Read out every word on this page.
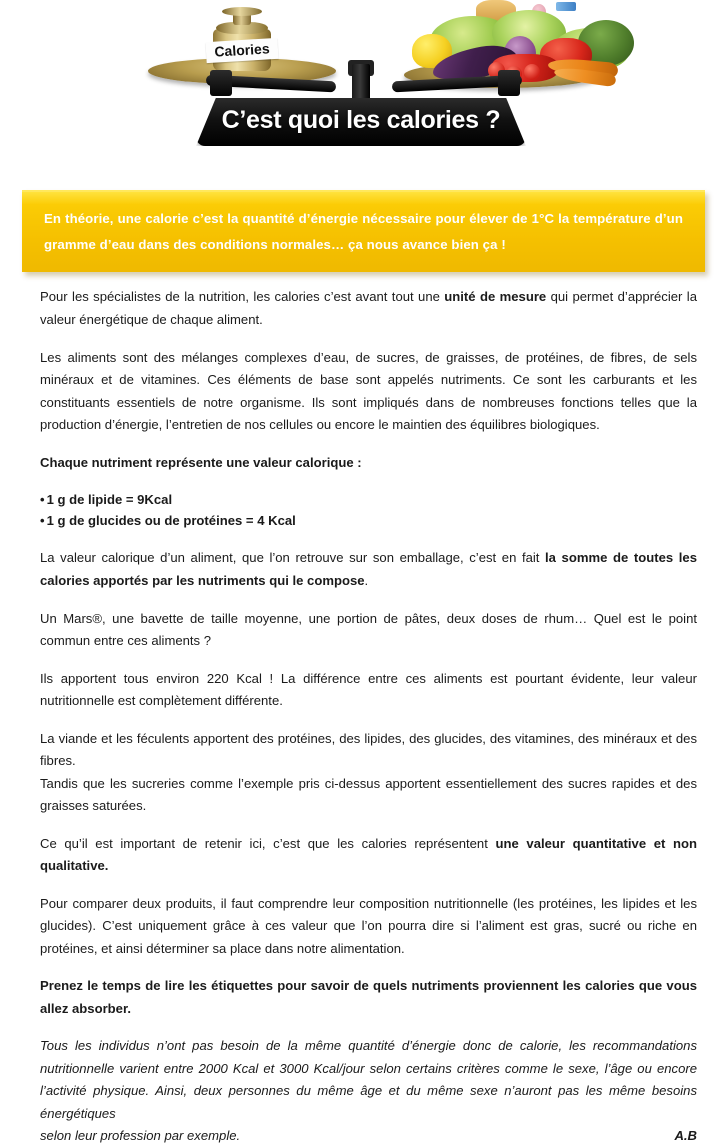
Calories
C’est quoi les calories ?
En théorie, une calorie c’est la quantité d’énergie nécessaire pour élever de 1°C la température d’un gramme d’eau dans des conditions normales… ça nous avance bien ça !

Pour les spécialistes de la nutrition, les calories c’est avant tout une unité de mesure qui permet d’apprécier la valeur énergétique de chaque aliment.

Les aliments sont des mélanges complexes d’eau, de sucres, de graisses, de protéines, de fibres, de sels minéraux et de vitamines. Ces éléments de base sont appelés nutriments. Ce sont les carburants et les constituants essentiels de notre organisme. Ils sont impliqués dans de nombreuses fonctions telles que la production d’énergie, l’entretien de nos cellules ou encore le maintien des équilibres biologiques.

Chaque nutriment représente une valeur calorique :

• 1 g de lipide = 9Kcal
• 1 g de glucides ou de protéines = 4 Kcal

La valeur calorique d’un aliment, que l’on retrouve sur son emballage, c’est en fait la somme de toutes les calories apportés par les nutriments qui le compose.

Un Mars®, une bavette de taille moyenne, une portion de pâtes, deux doses de rhum… Quel est le point commun entre ces aliments ?

Ils apportent tous environ 220 Kcal ! La différence entre ces aliments est pourtant évidente, leur valeur nutritionnelle est complètement différente.

La viande et les féculents apportent des protéines, des lipides, des glucides, des vitamines, des minéraux et des fibres.

Tandis que les sucreries comme l’exemple pris ci-dessus apportent essentiellement des sucres rapides et des graisses saturées.

Ce qu’il est important de retenir ici, c’est que les calories représentent une valeur quantitative et non qualitative.

Pour comparer deux produits, il faut comprendre leur composition nutritionnelle (les protéines, les lipides et les glucides). C’est uniquement grâce à ces valeur que l’on pourra dire si l’aliment est gras, sucré ou riche en protéines, et ainsi déterminer sa place dans notre alimentation.

Prenez le temps de lire les étiquettes pour savoir de quels nutriments proviennent les calories que vous allez absorber.

Tous les individus n’ont pas besoin de la même quantité d’énergie donc de calorie, les recommandations nutritionnelle varient entre 2000 Kcal et 3000 Kcal/jour selon certains critères comme le sexe, l’âge ou encore l’activité physique. Ainsi, deux personnes du même âge et du même sexe n’auront pas les même besoins énergétiques

selon leur profession par exemple.	A.B
